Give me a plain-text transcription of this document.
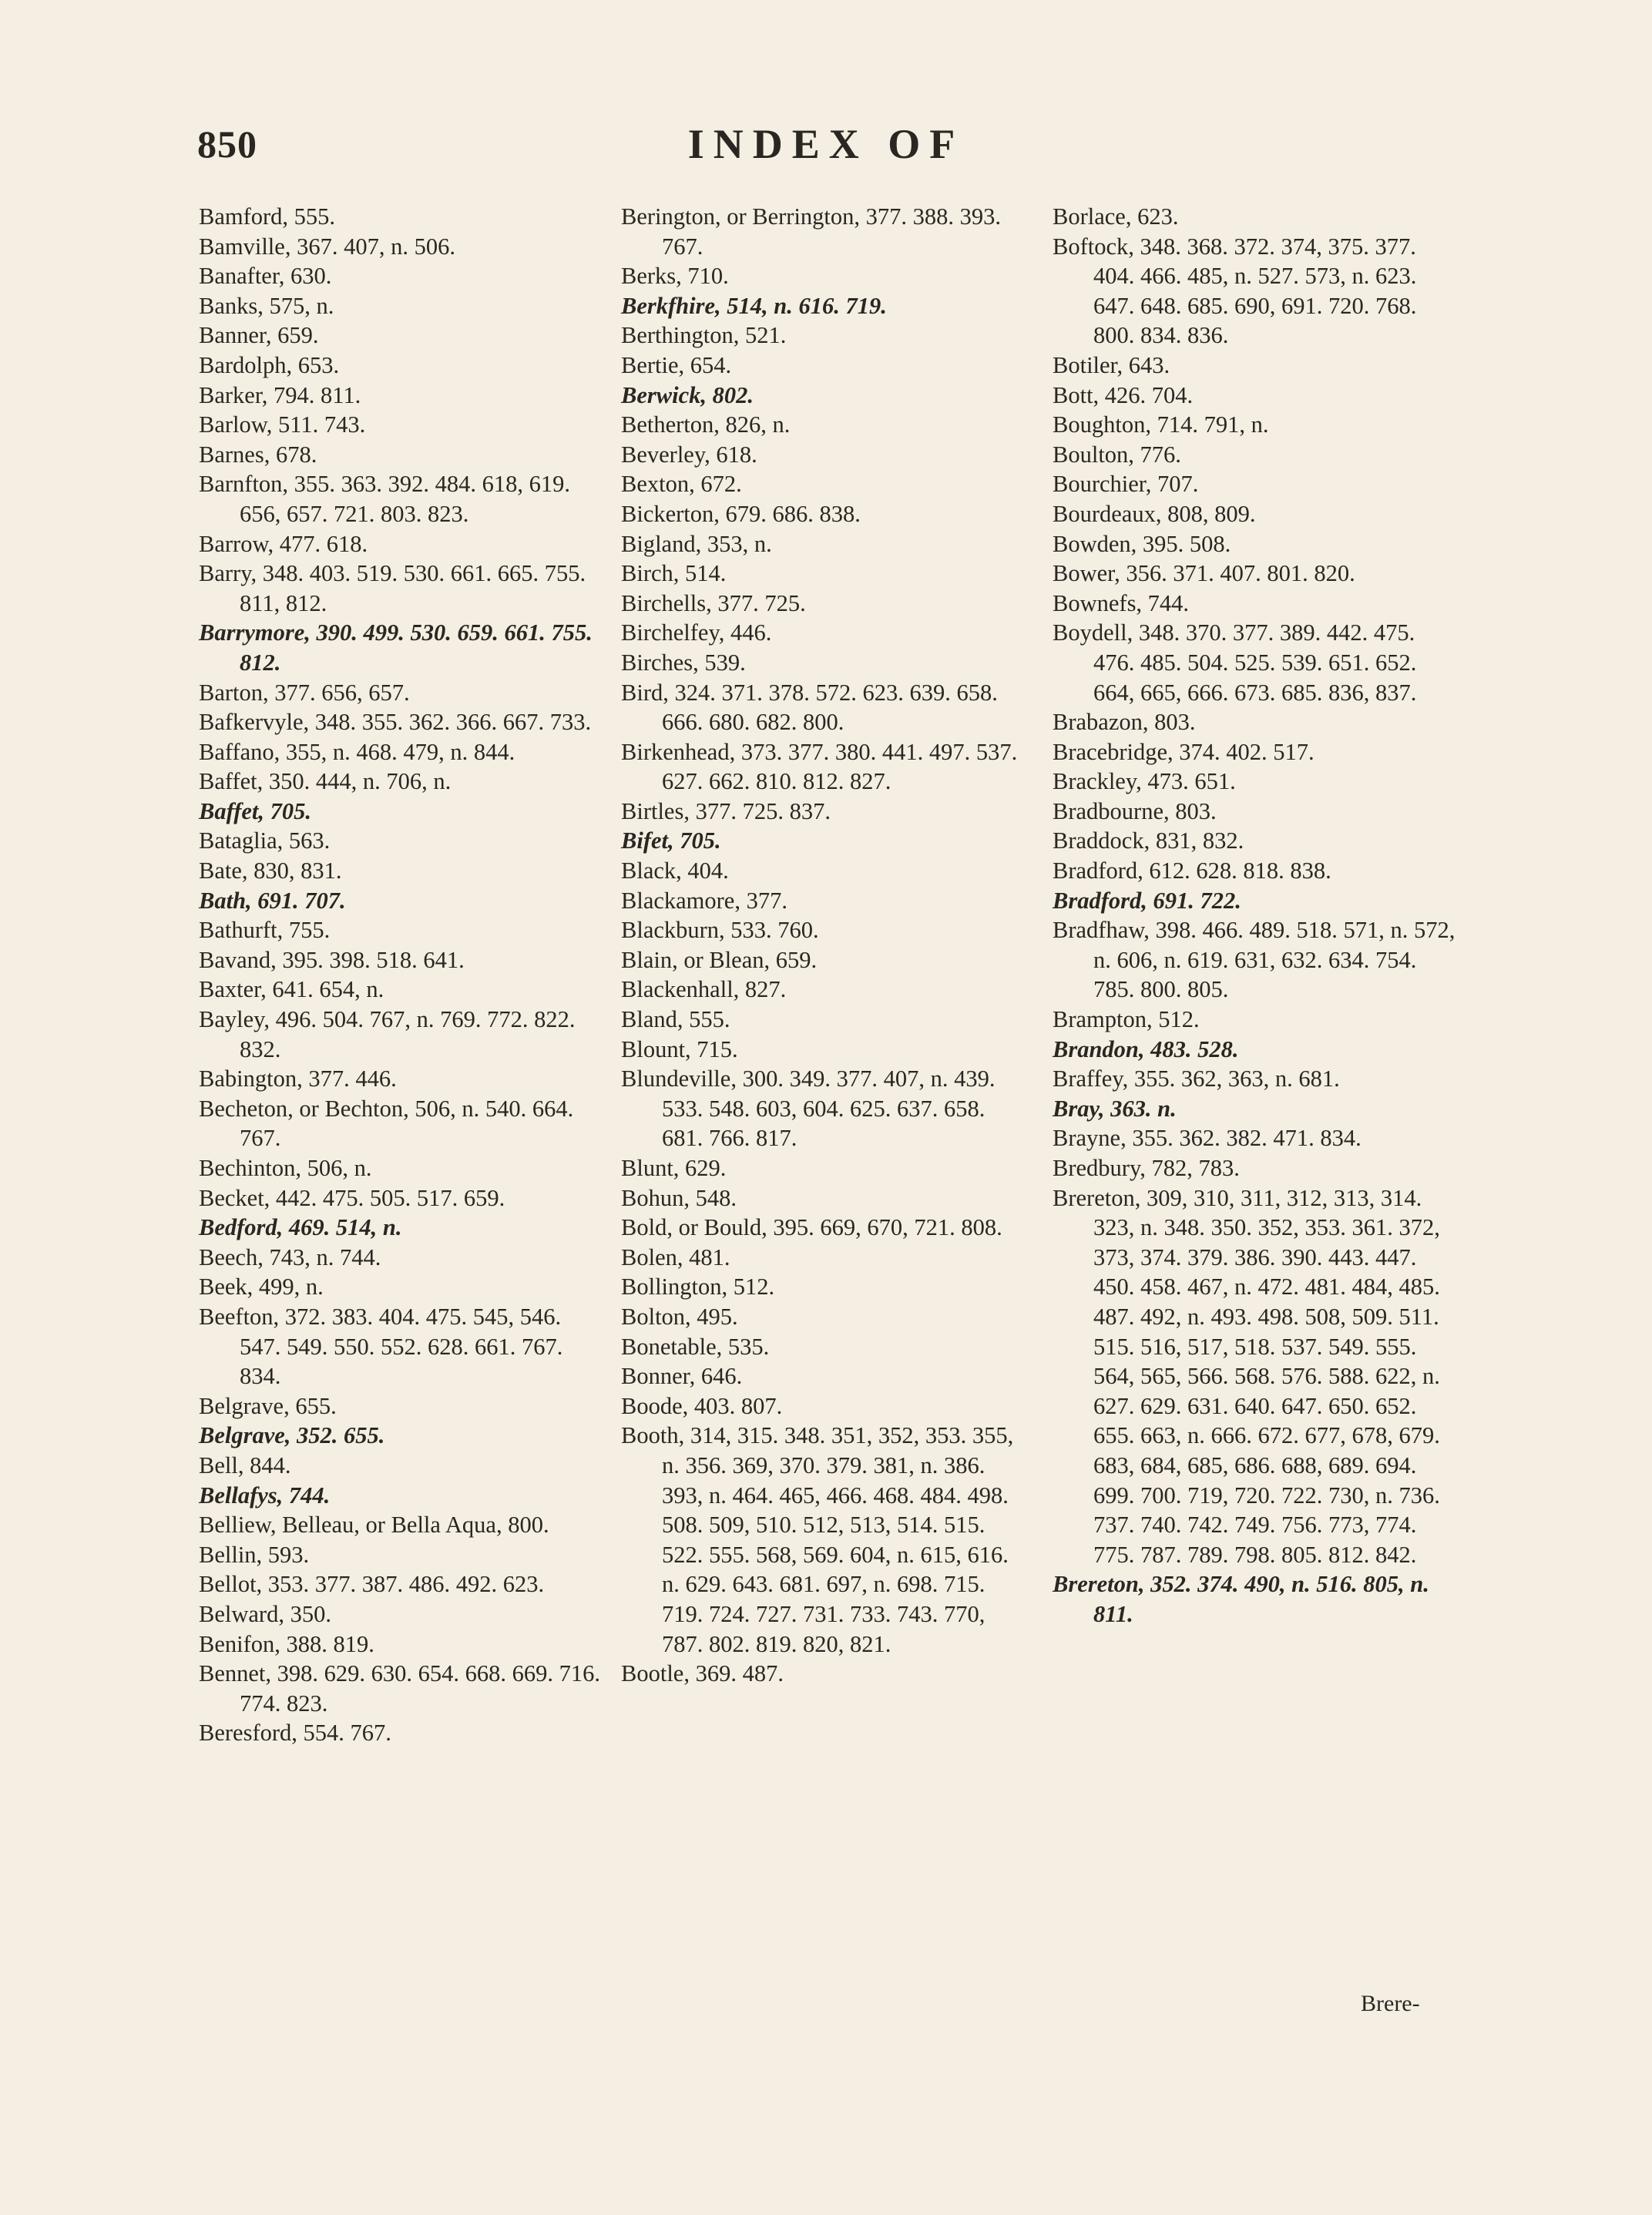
850	INDEX OF
Bamford, 555.
Bamville, 367. 407, n. 506.
Banafter, 630.
Banks, 575, n.
Banner, 659.
Bardolph, 653.
Barker, 794. 811.
Barlow, 511. 743.
Barnes, 678.
Barnfton, 355. 363. 392. 484. 618, 619. 656, 657. 721. 803. 823.
Barrow, 477. 618.
Barry, 348. 403. 519. 530. 661. 665. 755. 811, 812.
Barrymore, 390. 499. 530. 659. 661. 755. 812.
Barton, 377. 656, 657.
Bafkervyle, 348. 355. 362. 366. 667. 733.
Baffano, 355, n. 468. 479, n. 844.
Baffet, 350. 444, n. 706, n.
Baffet, 705.
Bataglia, 563.
Bate, 830, 831.
Bath, 691. 707.
Bathurft, 755.
Bavand, 395. 398. 518. 641.
Baxter, 641. 654, n.
Bayley, 496. 504. 767, n. 769. 772. 822. 832.
Babington, 377. 446.
Becheton, or Bechton, 506, n. 540. 664. 767.
Bechinton, 506, n.
Becket, 442. 475. 505. 517. 659.
Bedford, 469. 514, n.
Beech, 743, n. 744.
Beek, 499, n.
Beefton, 372. 383. 404. 475. 545, 546. 547. 549. 550. 552. 628. 661. 767. 834.
Belgrave, 655.
Belgrave, 352. 655.
Bell, 844.
Bellafys, 744.
Belliew, Belleau, or Bella Aqua, 800.
Bellin, 593.
Bellot, 353. 377. 387. 486. 492. 623.
Belward, 350.
Benifon, 388. 819.
Bennet, 398. 629. 630. 654. 668. 669. 716. 774. 823.
Beresford, 554. 767.
Berington, or Berrington, 377. 388. 393. 767.
Berks, 710.
Berkfhire, 514, n. 616. 719.
Berthington, 521.
Bertie, 654.
Berwick, 802.
Betherton, 826, n.
Beverley, 618.
Bexton, 672.
Bickerton, 679. 686. 838.
Bigland, 353, n.
Birch, 514.
Birchells, 377. 725.
Birchelfey, 446.
Birches, 539.
Bird, 324. 371. 378. 572. 623. 639. 658. 666. 680. 682. 800.
Birkenhead, 373. 377. 380. 441. 497. 537. 627. 662. 810. 812. 827.
Birtles, 377. 725. 837.
Bifet, 705.
Black, 404.
Blackamore, 377.
Blackburn, 533. 760.
Blain, or Blean, 659.
Blackenhall, 827.
Bland, 555.
Blount, 715.
Blundeville, 300. 349. 377. 407, n. 439. 533. 548. 603, 604. 625. 637. 658. 681. 766. 817.
Blunt, 629.
Bohun, 548.
Bold, or Bould, 395. 669, 670, 721. 808.
Bolen, 481.
Bollington, 512.
Bolton, 495.
Bonetable, 535.
Bonner, 646.
Boode, 403. 807.
Booth, 314, 315. 348. 351, 352, 353. 355, n. 356. 369, 370. 379. 381, n. 386. 393, n. 464. 465, 466. 468. 484. 498. 508. 509, 510. 512, 513, 514. 515. 522. 555. 568, 569. 604, n. 615, 616. n. 629. 643. 681. 697, n. 698. 715. 719. 724. 727. 731. 733. 743. 770, 787. 802. 819. 820, 821.
Bootle, 369. 487.
Borlace, 623.
Boftock, 348. 368. 372. 374, 375. 377. 404. 466. 485, n. 527. 573, n. 623. 647. 648. 685. 690, 691. 720. 768. 800. 834. 836.
Botiler, 643.
Bott, 426. 704.
Boughton, 714. 791, n.
Boulton, 776.
Bourchier, 707.
Bourdeaux, 808, 809.
Bowden, 395. 508.
Bower, 356. 371. 407. 801. 820.
Bownefs, 744.
Boydell, 348. 370. 377. 389. 442. 475. 476. 485. 504. 525. 539. 651. 652. 664, 665, 666. 673. 685. 836, 837.
Brabazon, 803.
Bracebridge, 374. 402. 517.
Brackley, 473. 651.
Bradbourne, 803.
Braddock, 831, 832.
Bradford, 612. 628. 818. 838.
Bradford, 691. 722.
Bradfhaw, 398. 466. 489. 518. 571, n. 572, n. 606, n. 619. 631, 632. 634. 754. 785. 800. 805.
Brampton, 512.
Brandon, 483. 528.
Braffey, 355. 362, 363, n. 681.
Bray, 363. n.
Brayne, 355. 362. 382. 471. 834.
Bredbury, 782, 783.
Brereton, 309, 310, 311, 312, 313, 314. 323, n. 348. 350. 352, 353. 361. 372, 373, 374. 379. 386. 390. 443. 447. 450. 458. 467, n. 472. 481. 484, 485. 487. 492, n. 493. 498. 508, 509. 511. 515. 516, 517, 518. 537. 549. 555. 564, 565, 566. 568. 576. 588. 622, n. 627. 629. 631. 640. 647. 650. 652. 655. 663, n. 666. 672. 677, 678, 679. 683, 684, 685, 686. 688, 689. 694. 699. 700. 719, 720. 722. 730, n. 736. 737. 740. 742. 749. 756. 773, 774. 775. 787. 789. 798. 805. 812. 842.
Brereton, 352. 374. 490, n. 516. 805, n. 811.
Brere-
